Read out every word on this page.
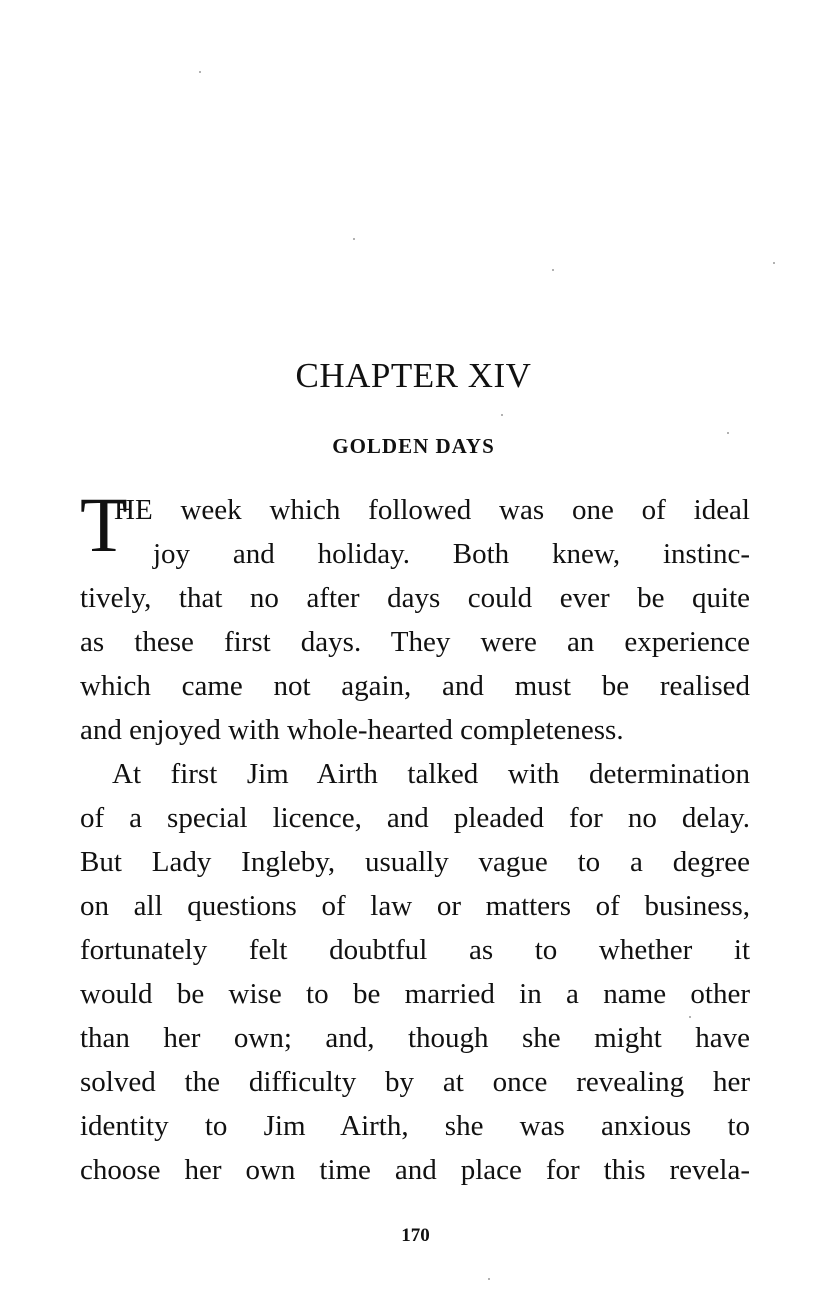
CHAPTER XIV
GOLDEN DAYS
T
HE week which followed was one of ideal
joy and holiday. Both knew, instinc-
tively, that no after days could ever be quite
as these first days. They were an experience
which came not again, and must be realised
and enjoyed with whole-hearted completeness.
At first Jim Airth talked with determination
of a special licence, and pleaded for no delay.
But Lady Ingleby, usually vague to a degree
on all questions of law or matters of business,
fortunately felt doubtful as to whether it
would be wise to be married in a name other
than her own; and, though she might have
solved the difficulty by at once revealing her
identity to Jim Airth, she was anxious to
choose her own time and place for this revela-
170
